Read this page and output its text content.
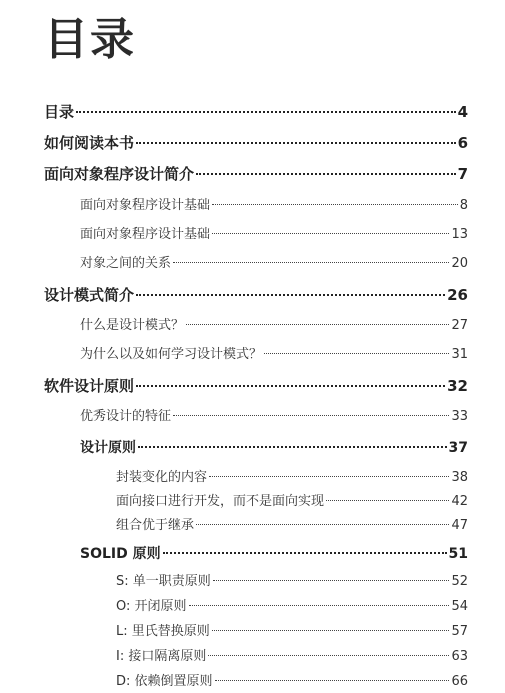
目录
目录	4
如何阅读本书	6
面向对象程序设计简介	7
面向对象程序设计基础	8
面向对象程序设计基础	13
对象之间的关系	20
设计模式简介	26
什么是设计模式？	27
为什么以及如何学习设计模式？	31
软件设计原则	32
优秀设计的特征	33
设计原则	37
封装变化的内容	38
面向接口进行开发，而不是面向实现	42
组合优于继承	47
SOLID 原则	51
S: 单一职责原则	52
O: 开闭原则	54
L: 里氏替换原则	57
I: 接口隔离原则	63
D: 依赖倒置原则	66
